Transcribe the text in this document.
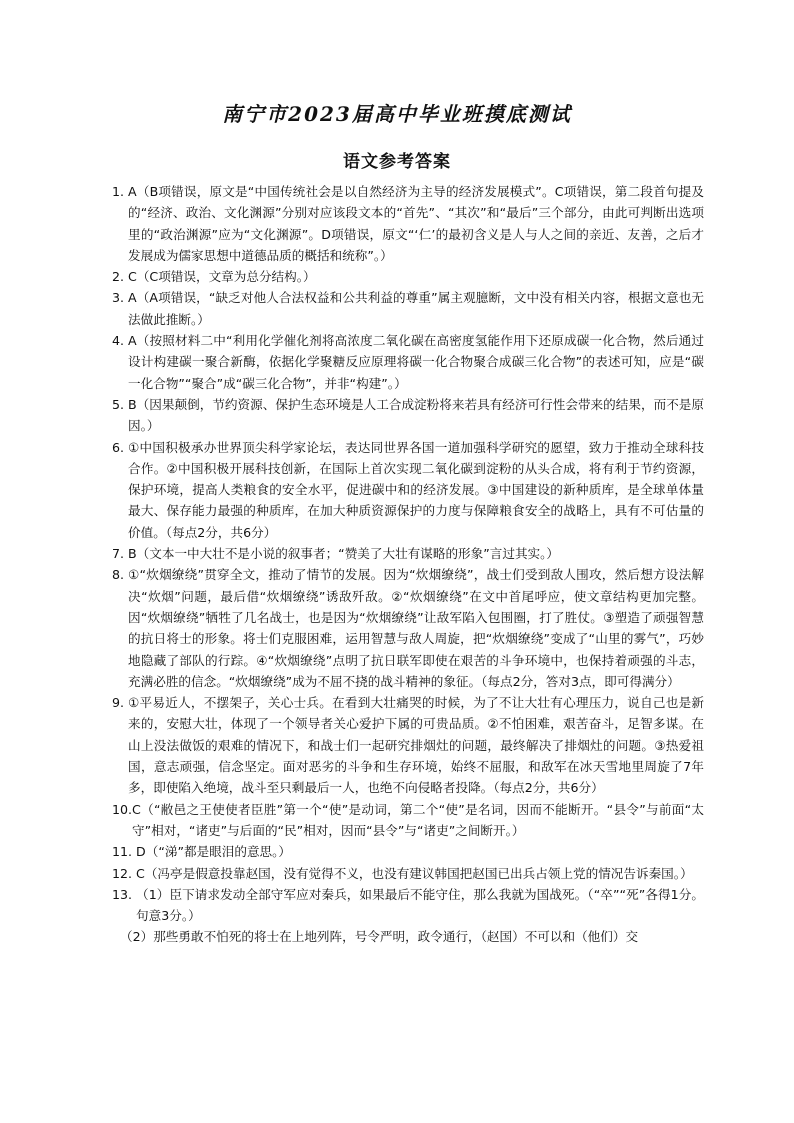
南宁市2023届高中毕业班摸底测试
语文参考答案
1. A（B项错误，原文是“中国传统社会是以自然经济为主导的经济发展模式”。C项错误，第二段首句提及的“经济、政治、文化渊源”分别对应该段文本的“首先”、“其次”和“最后”三个部分，由此可判断出选项里的“政治渊源”应为“文化渊源”。D项错误，原文“‘仁’的最初含义是人与人之间的亲近、友善，之后才发展成为儒家思想中道德品质的概括和统称”。）
2. C（C项错误，文章为总分结构。）
3. A（A项错误，“缺乏对他人合法权益和公共利益的尊重”属主观臆断，文中没有相关内容，根据文意也无法做此推断。）
4. A（按照材料二中“利用化学催化剂将高浓度二氧化碳在高密度氢能作用下还原成碳一化合物，然后通过设计构建碳一聚合新酶，依据化学聚糖反应原理将碳一化合物聚合成碳三化合物”的表述可知，应是“碳一化合物”“聚合”成“碳三化合物”，并非“构建”。）
5. B（因果颠倒，节约资源、保护生态环境是人工合成淀粉将来若具有经济可行性会带来的结果，而不是原因。）
6. ①中国积极承办世界顶尖科学家论坛，表达同世界各国一道加强科学研究的愿望，致力于推动全球科技合作。②中国积极开展科技创新，在国际上首次实现二氧化碳到淀粉的从头合成，将有利于节约资源，保护环境，提高人类粮食的安全水平，促进碳中和的经济发展。③中国建设的新种质库，是全球单体量最大、保存能力最强的种质库，在加大种质资源保护的力度与保障粮食安全的战略上，具有不可估量的价值。（每点2分，共6分）
7. B（文本一中大壮不是小说的叙事者；“赞美了大壮有谋略的形象”言过其实。）
8. ①“炊烟缭绕”贯穿全文，推动了情节的发展。因为“炊烟缭绕”，战士们受到敌人围攻，然后想方设法解决“炊烟”问题，最后借“炊烟缭绕”诱敌歼敌。②“炊烟缭绕”在文中首尾呼应，使文章结构更加完整。因“炊烟缭绕”牺牲了几名战士，也是因为“炊烟缭绕”让敌军陷入包围圈，打了胜仗。③塑造了顽强智慧的抗日将士的形象。将士们克服困难，运用智慧与敌人周旋，把“炊烟缭绕”变成了“山里的雾气”，巧妙地隐藏了部队的行踪。④“炊烟缭绕”点明了抗日联军即使在艰苦的斗争环境中，也保持着顽强的斗志，充满必胜的信念。“炊烟缭绕”成为不屈不挠的战斗精神的象征。（每点2分，答对3点，即可得满分）
9. ①平易近人，不摆架子，关心士兵。在看到大壮痛哭的时候，为了不让大壮有心理压力，说自己也是新来的，安慰大壮，体现了一个领导者关心爱护下属的可贵品质。②不怕困难，艰苦奋斗，足智多谋。在山上没法做饭的艰难的情况下，和战士们一起研究排烟灶的问题，最终解决了排烟灶的问题。③热爱祖国，意志顽强，信念坚定。面对恶劣的斗争和生存环境，始终不屈服，和敌军在冰天雪地里周旋了7年多，即使陷入绝境，战斗至只剩最后一人，也绝不向侵略者投降。（每点2分，共6分）
10. C（“敝邑之王使使者臣胜”第一个“使”是动词，第二个“使”是名词，因而不能断开。“县令”与前面“太守”相对，“诸吏”与后面的“民”相对，因而“县令”与“诸吏”之间断开。）
11. D（“涕”都是眼泪的意思。）
12. C（冯亭是假意投靠赵国，没有觉得不义，也没有建议韩国把赵国已出兵占领上党的情况告诉秦国。）
13. （1）臣下请求发动全部守军应对秦兵，如果最后不能守住，那么我就为国战死。（“卒”“死”各得1分。句意3分。）
（2）那些勇敢不怕死的将士在上地列阵，号令严明，政令通行，（赵国）不可以和（他们）交
